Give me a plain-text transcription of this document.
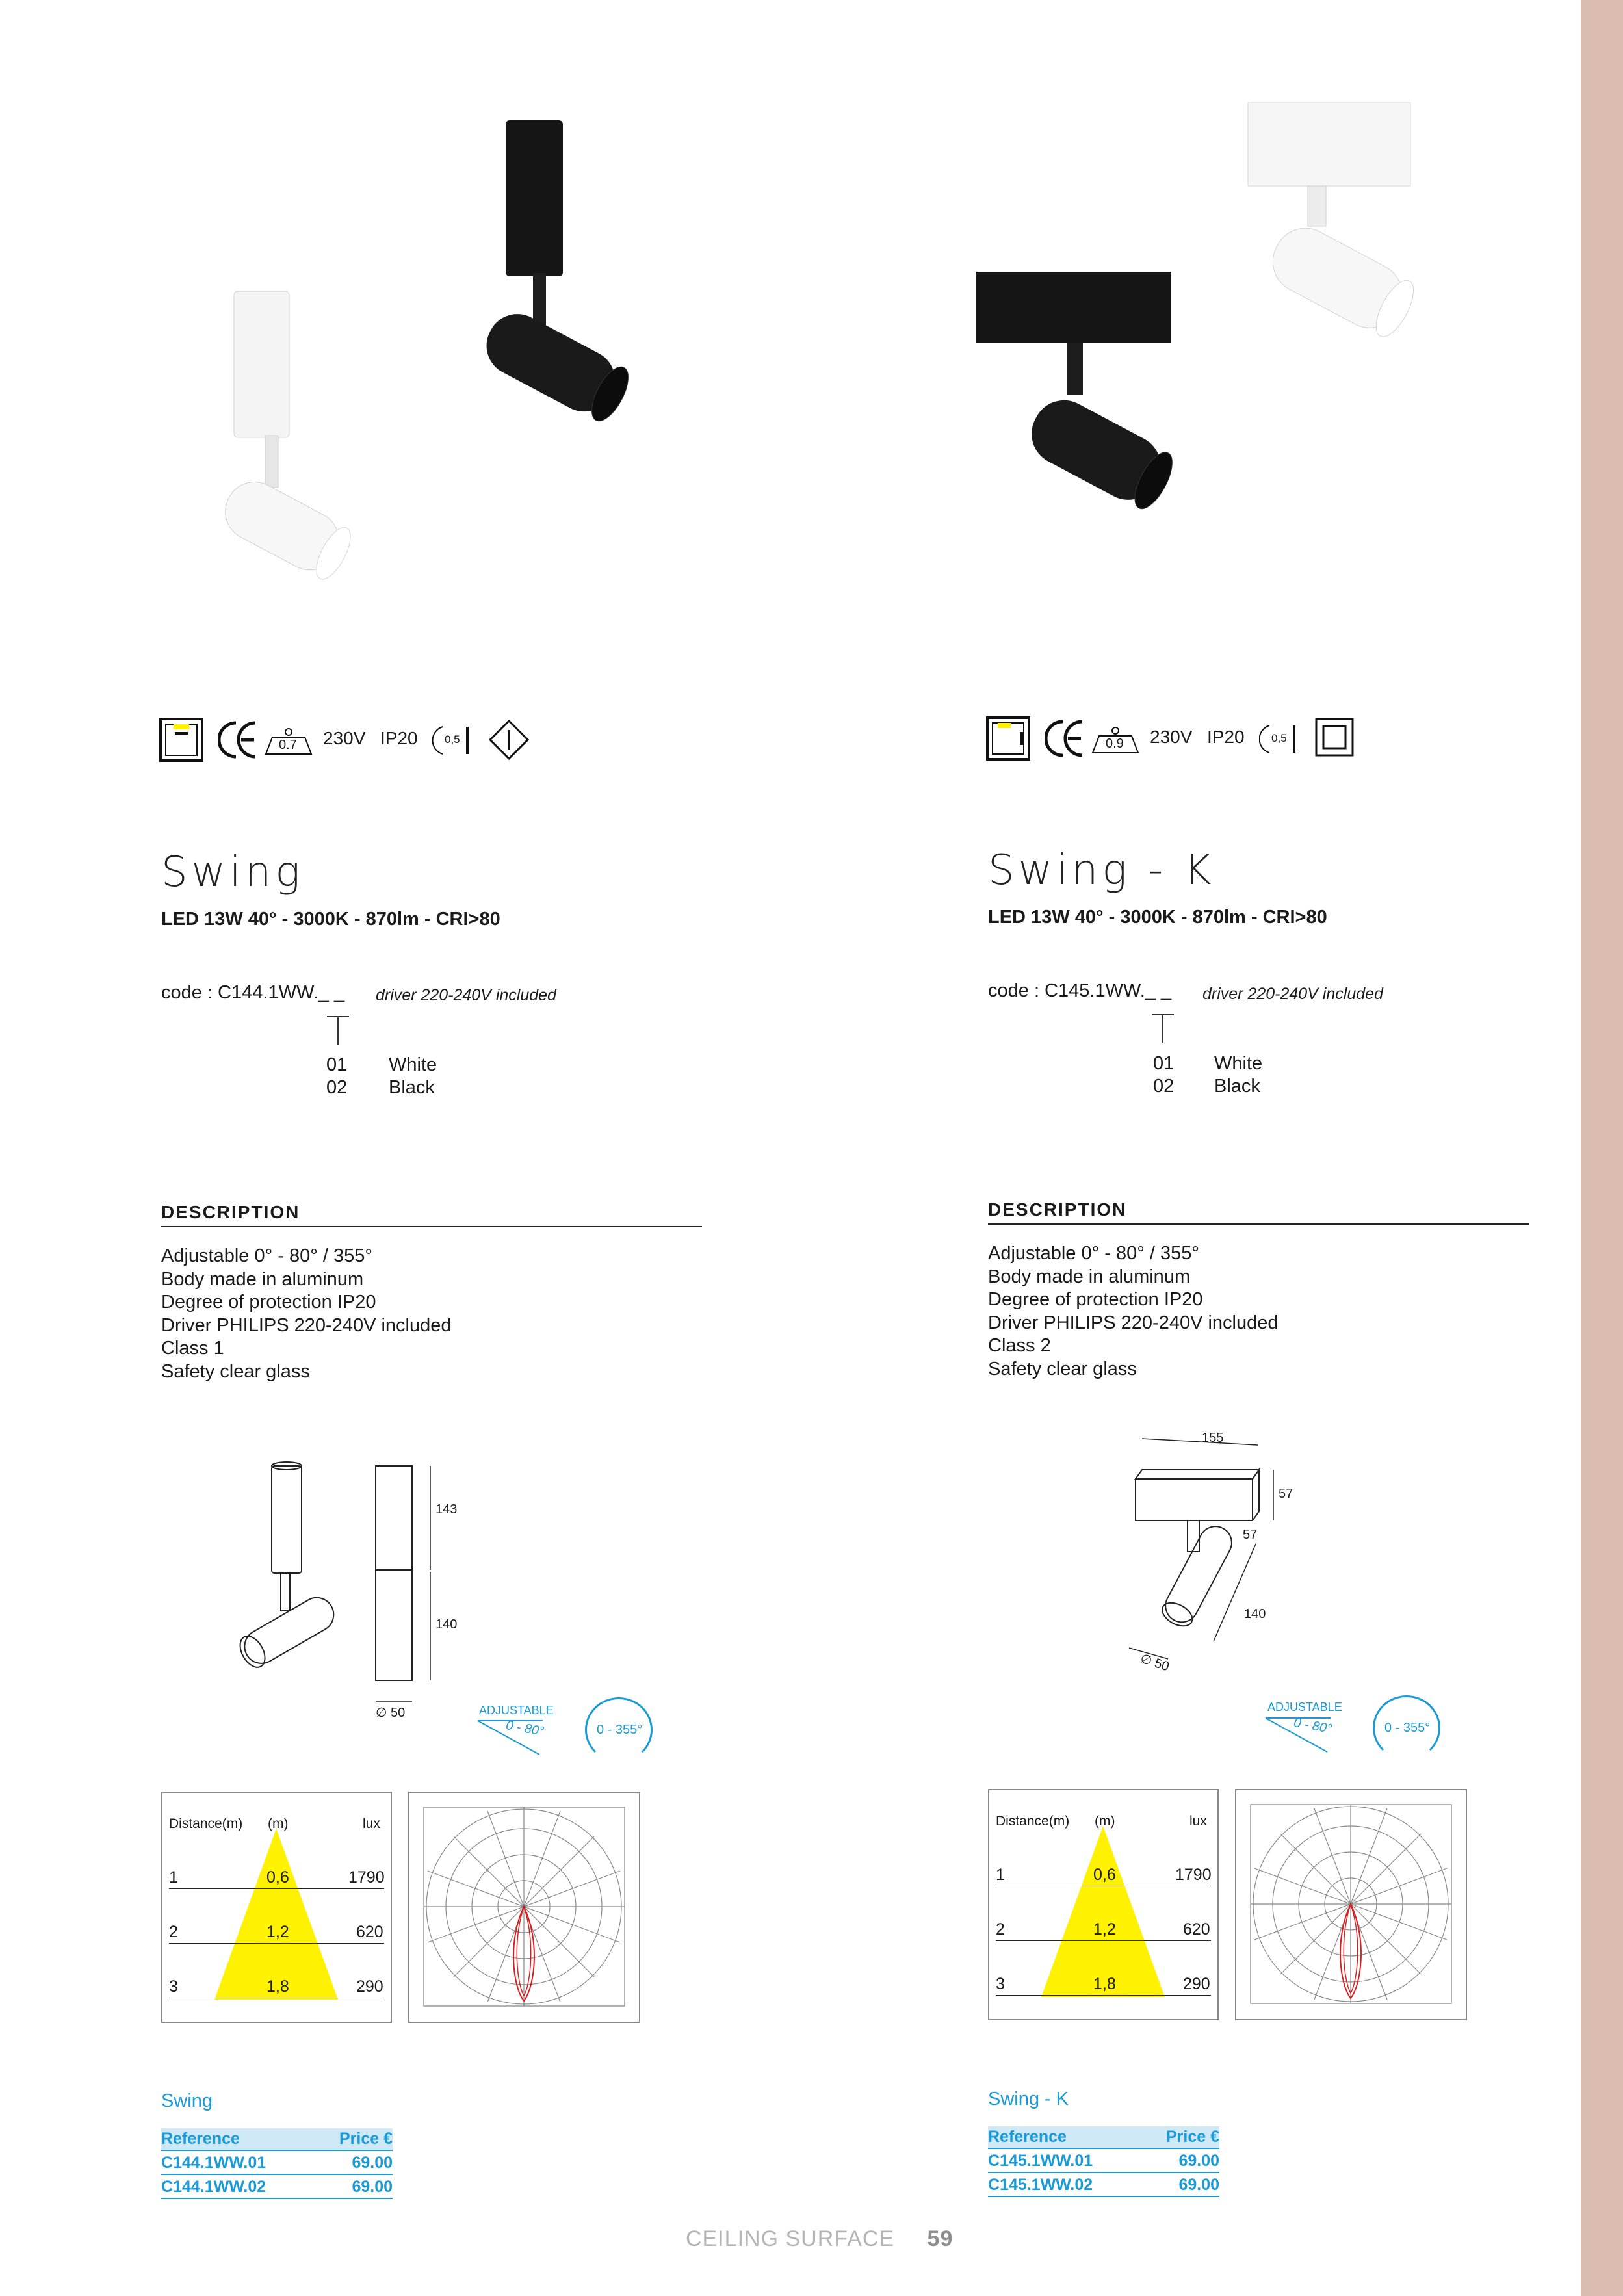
0.7 230V IP20 0,5
Swing
LED 13W 40° - 3000K - 870lm - CRI>80
code : C144.1WW._ _ driver 220-240V included
01 White
02 Black
DESCRIPTION
Adjustable 0° - 80° / 355°
Body made in aluminum
Degree of protection IP20
Driver PHILIPS 220-240V included
Class 1
Safety clear glass
143
140
∅ 50	ADJUSTABLE
0 - 80°	0 - 355°
Distance(m) (m)	lux
1	0,6	1790
2	1,2	620
3	1,8	290
Swing
Reference	Price €
C144.1WW.01	69.00
C144.1WW.02	69.00
0.9 230V IP20 0,5
Swing - K
LED 13W 40° - 3000K - 870lm - CRI>80
code : C145.1WW._ _ driver 220-240V included
01 White
02 Black
DESCRIPTION
Adjustable 0° - 80° / 355°
Body made in aluminum
Degree of protection IP20
Driver PHILIPS 220-240V included
Class 2
Safety clear glass
155
57
57
140
∅ 50
ADJUSTABLE
0 - 80°	0 - 355°
Distance(m) (m)	lux
1	0,6	1790
2	1,2	620
3	1,8	290
Swing - K
Reference	Price €
C145.1WW.01	69.00
C145.1WW.02	69.00
CEILING SURFACE 59
